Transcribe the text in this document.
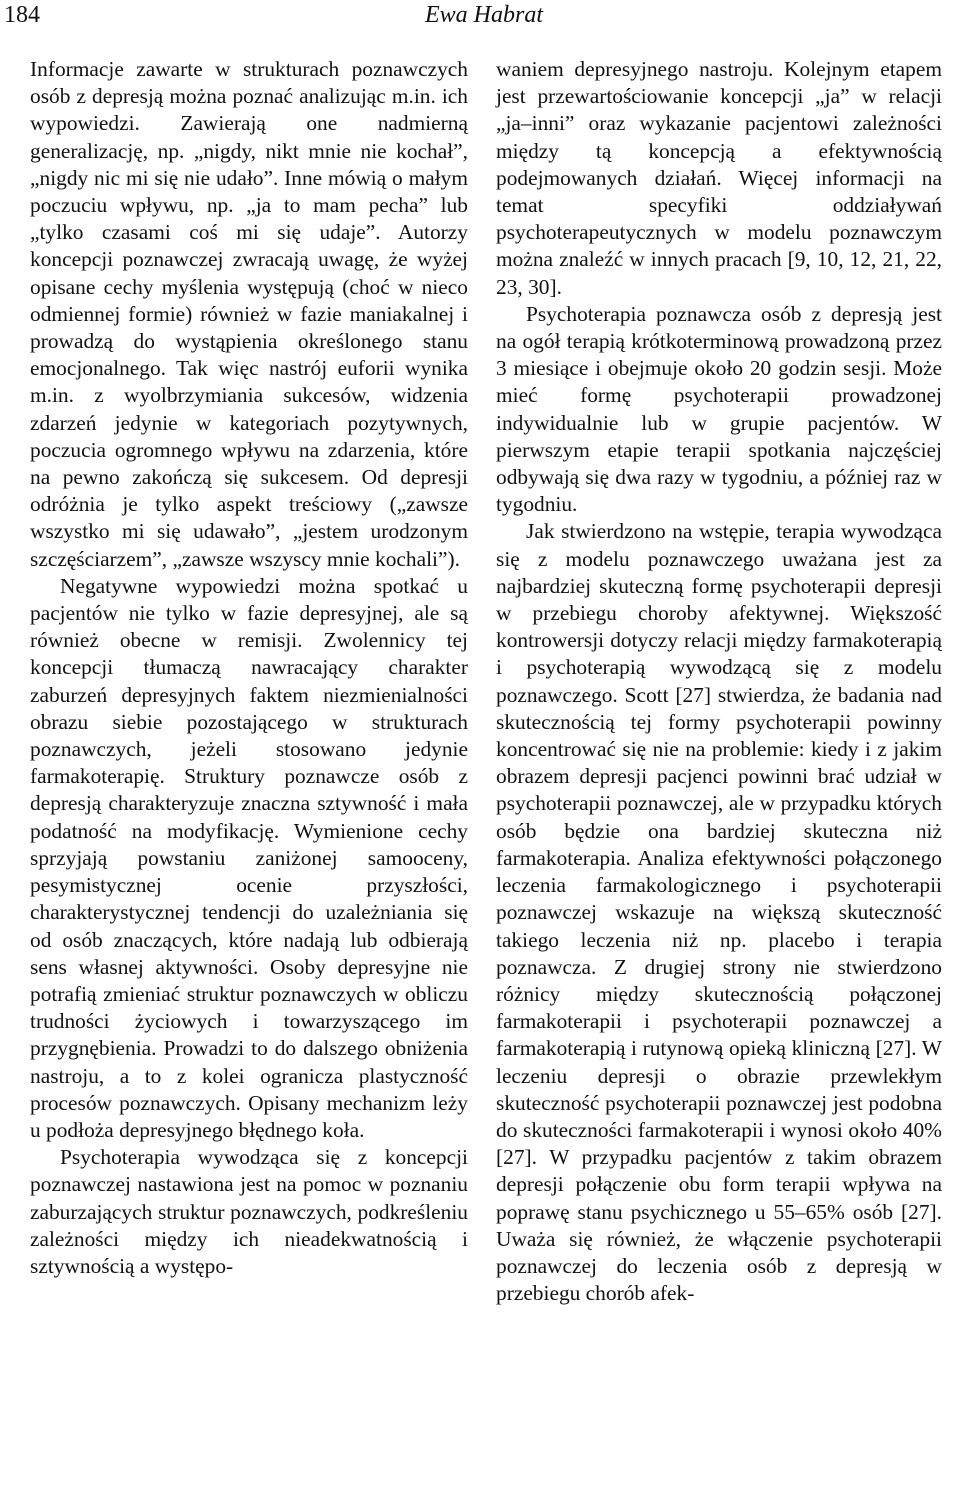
184	Ewa Habrat

Informacje zawarte w strukturach poznawczych osób z depresją można poznać analizując m.in. ich wypowiedzi. Zawierają one nadmierną generalizację, np. „nigdy, nikt mnie nie kochał”, „nigdy nic mi się nie udało”. Inne mówią o małym poczuciu wpływu, np. „ja to mam pecha” lub „tylko czasami coś mi się udaje”. Autorzy koncepcji poznawczej zwracają uwagę, że wyżej opisane cechy myślenia występują (choć w nieco odmiennej formie) również w fazie maniakalnej i prowadzą do wystąpienia określonego stanu emocjonalnego. Tak więc nastrój euforii wynika m.in. z wyolbrzymiania sukcesów, widzenia zdarzeń jedynie w kategoriach pozytywnych, poczucia ogromnego wpływu na zdarzenia, które na pewno zakończą się sukcesem. Od depresji odróżnia je tylko aspekt treściowy („zawsze wszystko mi się udawało”, „jestem urodzonym szczęściarzem”, „zawsze wszyscy mnie kochali”).

Negatywne wypowiedzi można spotkać u pacjentów nie tylko w fazie depresyjnej, ale są również obecne w remisji. Zwolennicy tej koncepcji tłumaczą nawracający charakter zaburzeń depresyjnych faktem niezmienialności obrazu siebie pozostającego w strukturach poznawczych, jeżeli stosowano jedynie farmakoterapię. Struktury poznawcze osób z depresją charakteryzuje znaczna sztywność i mała podatność na modyfikację. Wymienione cechy sprzyjają powstaniu zaniżonej samooceny, pesymistycznej ocenie przyszłości, charakterystycznej tendencji do uzależniania się od osób znaczących, które nadają lub odbierają sens własnej aktywności. Osoby depresyjne nie potrafią zmieniać struktur poznawczych w obliczu trudności życiowych i towarzyszącego im przygnębienia. Prowadzi to do dalszego obniżenia nastroju, a to z kolei ogranicza plastyczność procesów poznawczych. Opisany mechanizm leży u podłoża depresyjnego błędnego koła.

Psychoterapia wywodząca się z koncepcji poznawczej nastawiona jest na pomoc w poznaniu zaburzających struktur poznawczych, podkreśleniu zależności między ich nieadekwatnością i sztywnością a występo-

waniem depresyjnego nastroju. Kolejnym etapem jest przewartościowanie koncepcji „ja” w relacji „ja–inni” oraz wykazanie pacjentowi zależności między tą koncepcją a efektywnością podejmowanych działań. Więcej informacji na temat specyfiki oddziaływań psychoterapeutycznych w modelu poznawczym można znaleźć w innych pracach [9, 10, 12, 21, 22, 23, 30].

Psychoterapia poznawcza osób z depresją jest na ogół terapią krótkoterminową prowadzoną przez 3 miesiące i obejmuje około 20 godzin sesji. Może mieć formę psychoterapii prowadzonej indywidualnie lub w grupie pacjentów. W pierwszym etapie terapii spotkania najczęściej odbywają się dwa razy w tygodniu, a później raz w tygodniu.

Jak stwierdzono na wstępie, terapia wywodząca się z modelu poznawczego uważana jest za najbardziej skuteczną formę psychoterapii depresji w przebiegu choroby afektywnej. Większość kontrowersji dotyczy relacji między farmakoterapią i psychoterapią wywodzącą się z modelu poznawczego. Scott [27] stwierdza, że badania nad skutecznością tej formy psychoterapii powinny koncentrować się nie na problemie: kiedy i z jakim obrazem depresji pacjenci powinni brać udział w psychoterapii poznawczej, ale w przypadku których osób będzie ona bardziej skuteczna niż farmakoterapia. Analiza efektywności połączonego leczenia farmakologicznego i psychoterapii poznawczej wskazuje na większą skuteczność takiego leczenia niż np. placebo i terapia poznawcza. Z drugiej strony nie stwierdzono różnicy między skutecznością połączonej farmakoterapii i psychoterapii poznawczej a farmakoterapią i rutynową opieką kliniczną [27]. W leczeniu depresji o obrazie przewlekłym skuteczność psychoterapii poznawczej jest podobna do skuteczności farmakoterapii i wynosi około 40% [27]. W przypadku pacjentów z takim obrazem depresji połączenie obu form terapii wpływa na poprawę stanu psychicznego u 55–65% osób [27]. Uważa się również, że włączenie psychoterapii poznawczej do leczenia osób z depresją w przebiegu chorób afek-
